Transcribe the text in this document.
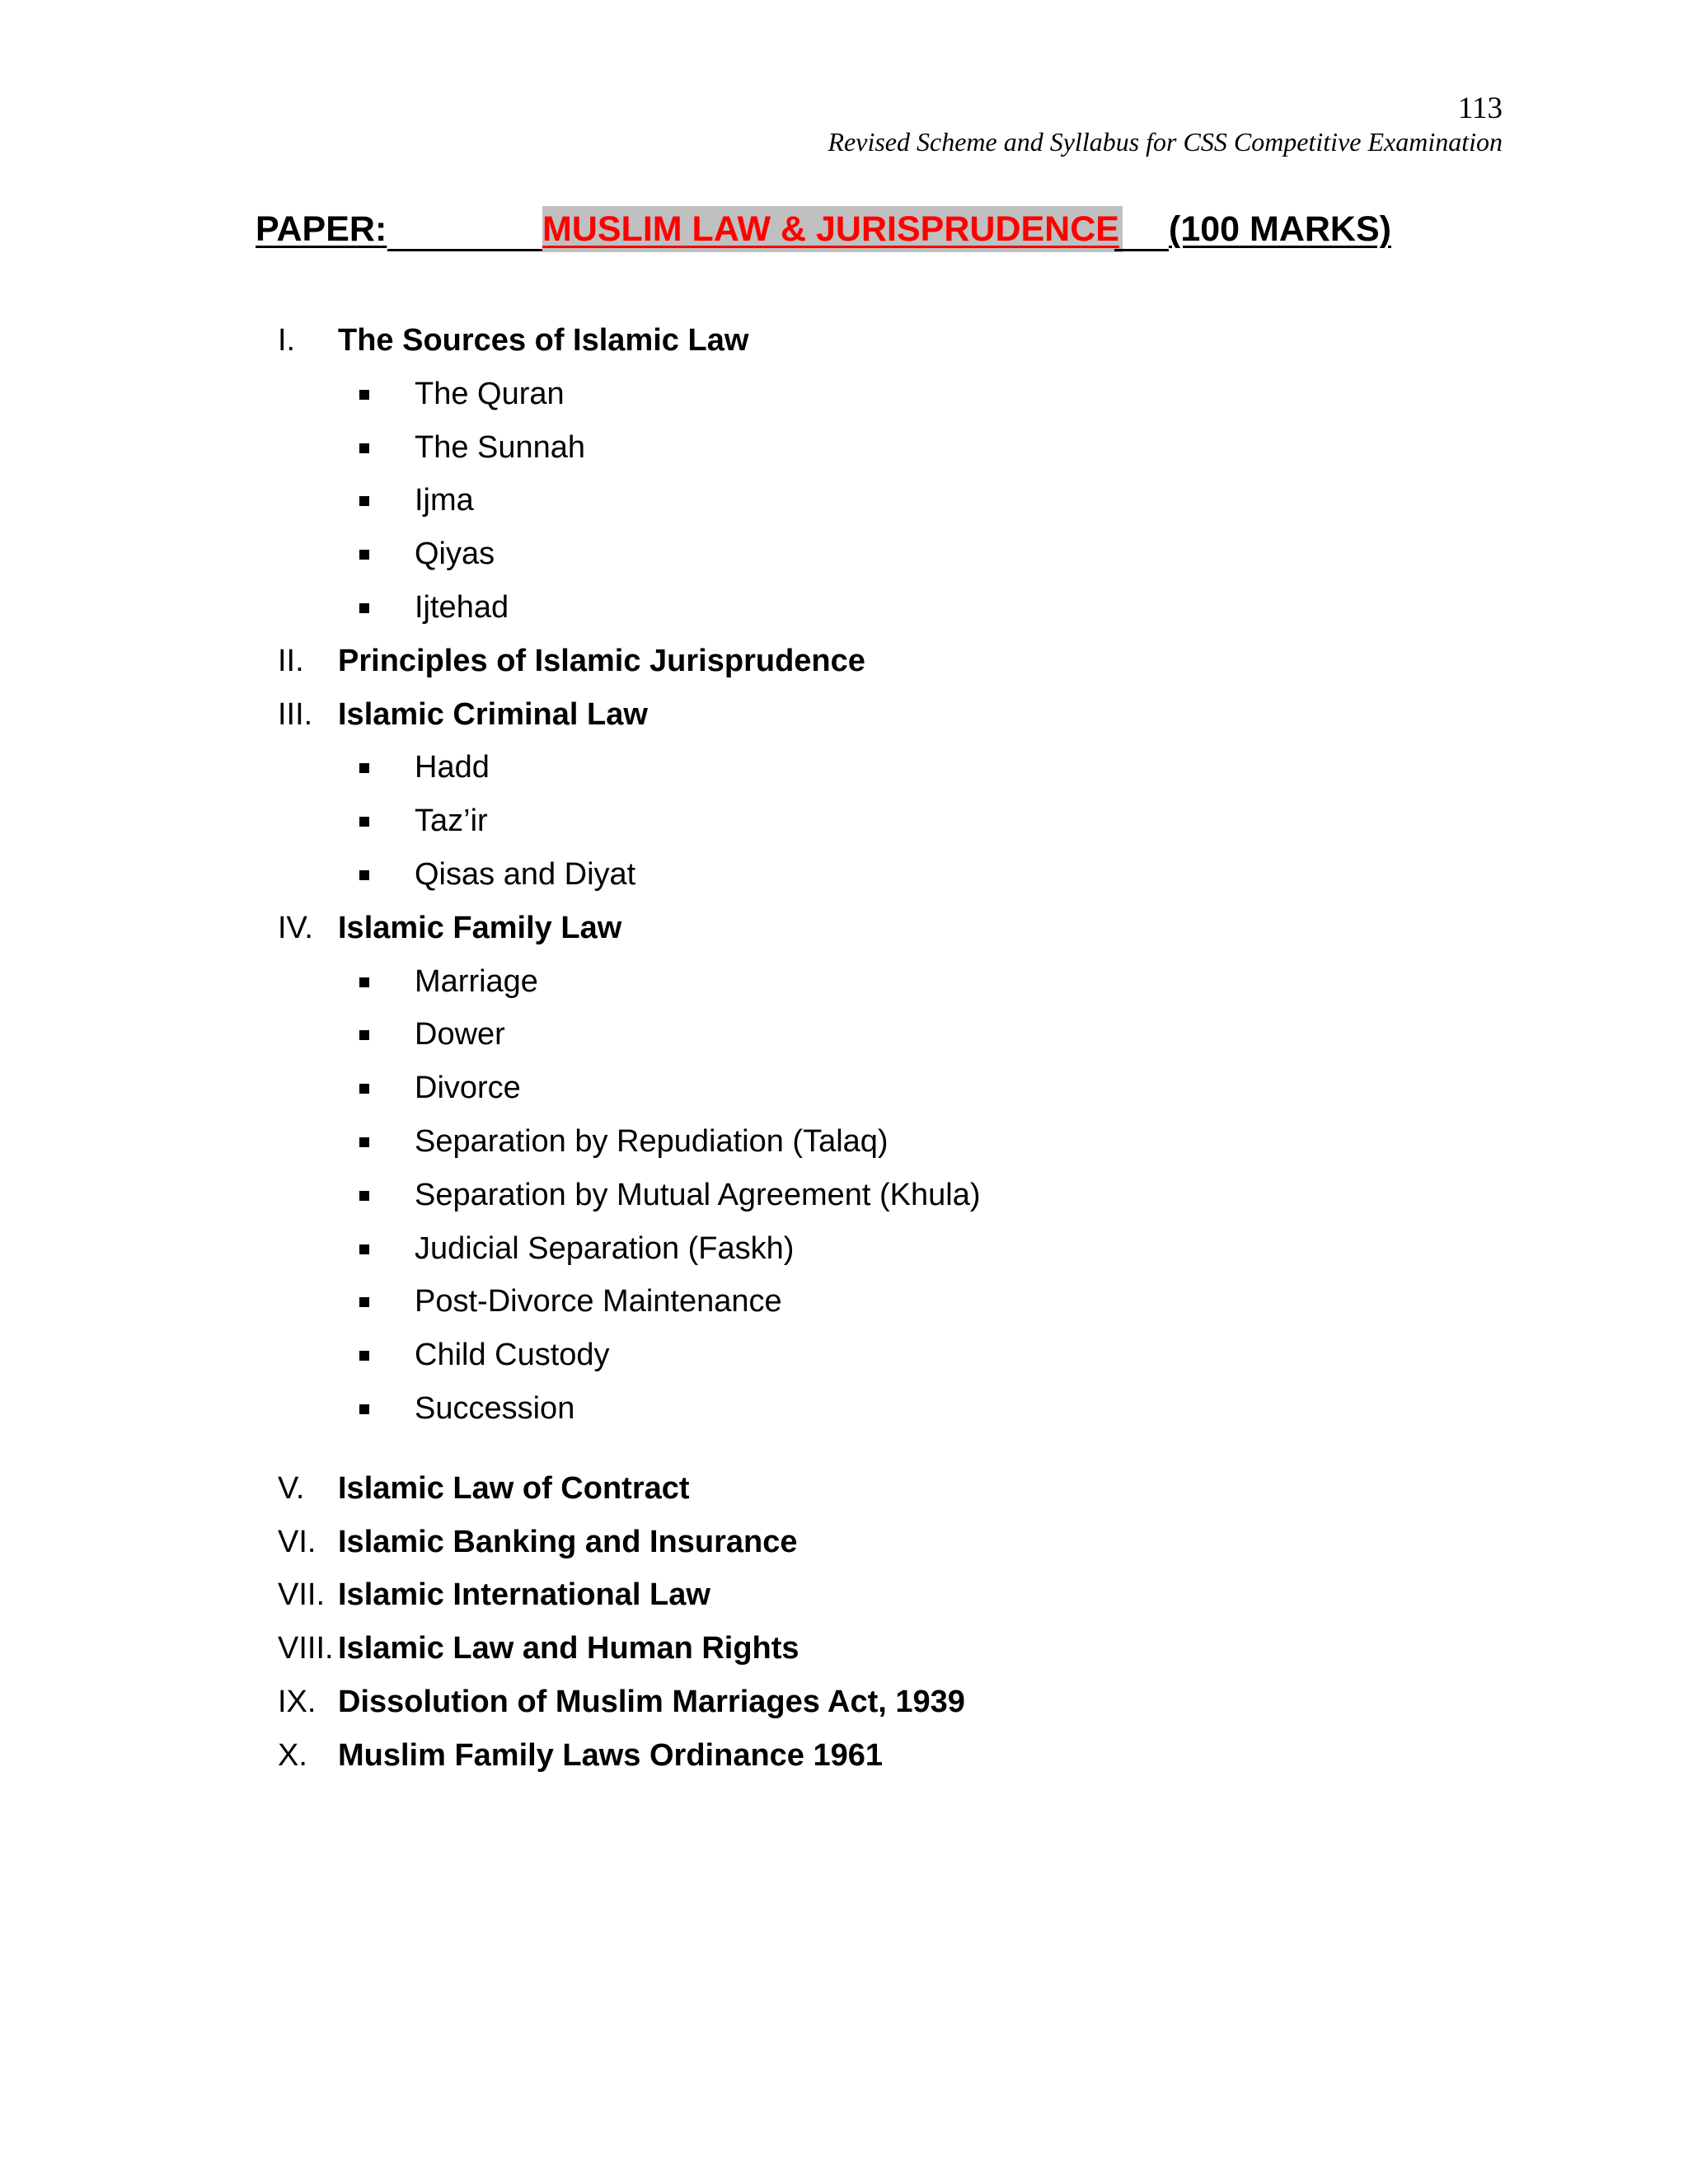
113
Revised Scheme and Syllabus for CSS Competitive Examination
PAPER:	MUSLIM LAW & JURISPRUDENCE (100 MARKS)
I. The Sources of Islamic Law
The Quran
The Sunnah
Ijma
Qiyas
Ijtehad
II. Principles of Islamic Jurisprudence
III. Islamic Criminal Law
Hadd
Taz’ir
Qisas and Diyat
IV. Islamic Family Law
Marriage
Dower
Divorce
Separation by Repudiation (Talaq)
Separation by Mutual Agreement (Khula)
Judicial Separation (Faskh)
Post-Divorce Maintenance
Child Custody
Succession
V. Islamic Law of Contract
VI. Islamic Banking and Insurance
VII. Islamic International Law
VIII. Islamic Law and Human Rights
IX. Dissolution of Muslim Marriages Act, 1939
X. Muslim Family Laws Ordinance 1961
